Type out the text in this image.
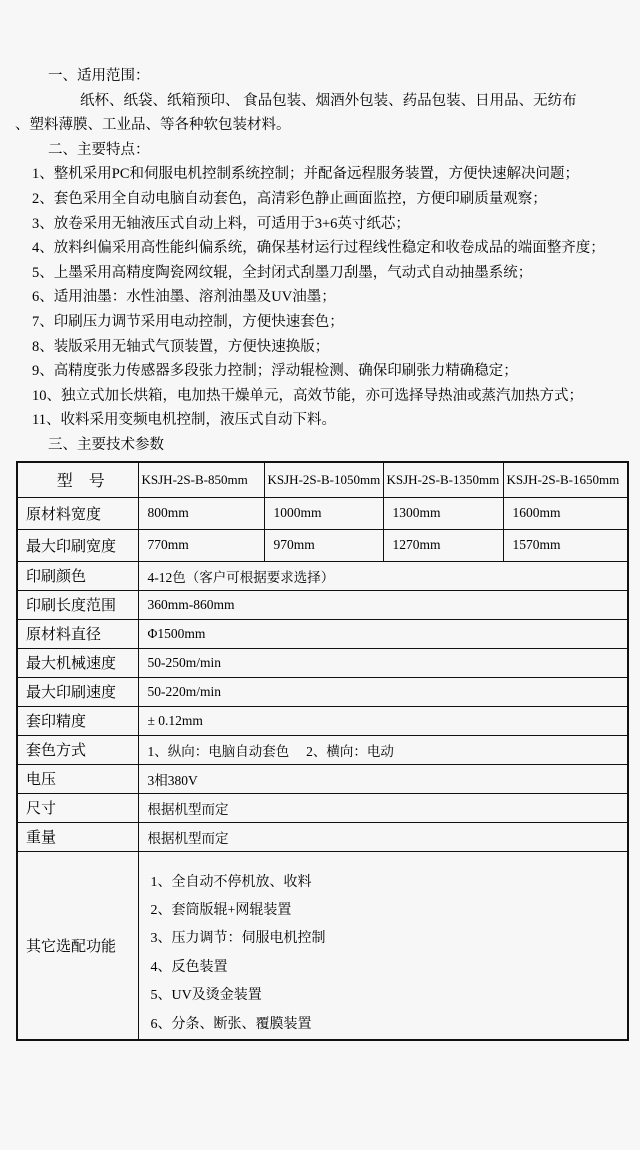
一、适用范围：
纸杯、纸袋、纸箱预印、 食品包装、烟酒外包装、药品包装、日用品、无纺布
、塑料薄膜、工业品、等各种软包装材料。
二、主要特点：
1、整机采用PC和伺服电机控制系统控制；并配备远程服务装置，方便快速解决问题；
2、套色采用全自动电脑自动套色，高清彩色静止画面监控，方便印刷质量观察；
3、放卷采用无轴液压式自动上料，可适用于3+6英寸纸芯；
4、放料纠偏采用高性能纠偏系统，确保基材运行过程线性稳定和收卷成品的端面整齐度；
5、上墨采用高精度陶瓷网纹辊，全封闭式刮墨刀刮墨，气动式自动抽墨系统；
6、适用油墨：水性油墨、溶剂油墨及UV油墨；
7、印刷压力调节采用电动控制，方便快速套色；
8、装版采用无轴式气顶装置，方便快速换版；
9、高精度张力传感器多段张力控制；浮动辊检测、确保印刷张力精确稳定；
10、独立式加长烘箱，电加热干燥单元，高效节能，亦可选择导热油或蒸汽加热方式；
11、收料采用变频电机控制，液压式自动下料。
三、主要技术参数
型　号	KSJH-2S-B-850mm	KSJH-2S-B-1050mm	KSJH-2S-B-1350mm	KSJH-2S-B-1650mm
原材料宽度	800mm	1000mm	1300mm	1600mm
最大印刷宽度	770mm	970mm	1270mm	1570mm
印刷颜色	4-12色（客户可根据要求选择）			
印刷长度范围	360mm-860mm			
原材料直径	Φ1500mm			
最大机械速度	50-250m/min			
最大印刷速度	50-220m/min			
套印精度	± 0.12mm			
套色方式	1、纵向：电脑自动套色　 2、横向：电动			
电压	3相380V			
尺寸	根据机型而定			
重量	根据机型而定			
其它选配功能	
1、全自动不停机放、收料
2、套筒版辊+网辊装置
3、压力调节：伺服电机控制
4、反色装置
5、UV及烫金装置
6、分条、断张、覆膜装置
